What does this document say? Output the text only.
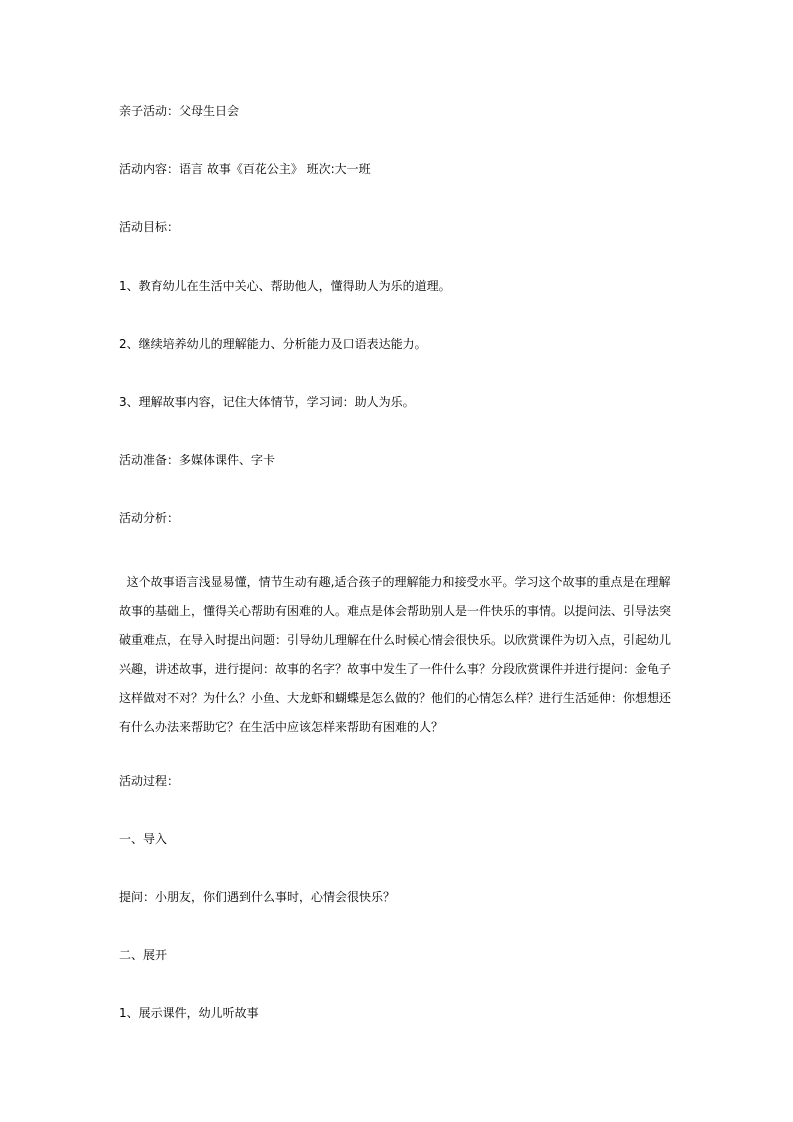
亲子活动：父母生日会
活动内容：语言 故事《百花公主》 班次:大一班
活动目标：
1、教育幼儿在生活中关心、帮助他人，懂得助人为乐的道理。
2、继续培养幼儿的理解能力、分析能力及口语表达能力。
3、理解故事内容，记住大体情节，学习词：助人为乐。
活动准备：多媒体课件、字卡
活动分析：
这个故事语言浅显易懂，情节生动有趣,适合孩子的理解能力和接受水平。学习这个故事的重点是在理解
故事的基础上，懂得关心帮助有困难的人。难点是体会帮助别人是一件快乐的事情。以提问法、引导法突
破重难点，在导入时提出问题：引导幼儿理解在什么时候心情会很快乐。以欣赏课件为切入点，引起幼儿
兴趣，讲述故事，进行提问：故事的名字？故事中发生了一件什么事？分段欣赏课件并进行提问：金龟子
这样做对不对？为什么？小鱼、大龙虾和蝴蝶是怎么做的？他们的心情怎么样？进行生活延伸：你想想还
有什么办法来帮助它？在生活中应该怎样来帮助有困难的人？
活动过程：
一、导入
提问：小朋友，你们遇到什么事时，心情会很快乐？
二、展开
1、展示课件，幼儿听故事
